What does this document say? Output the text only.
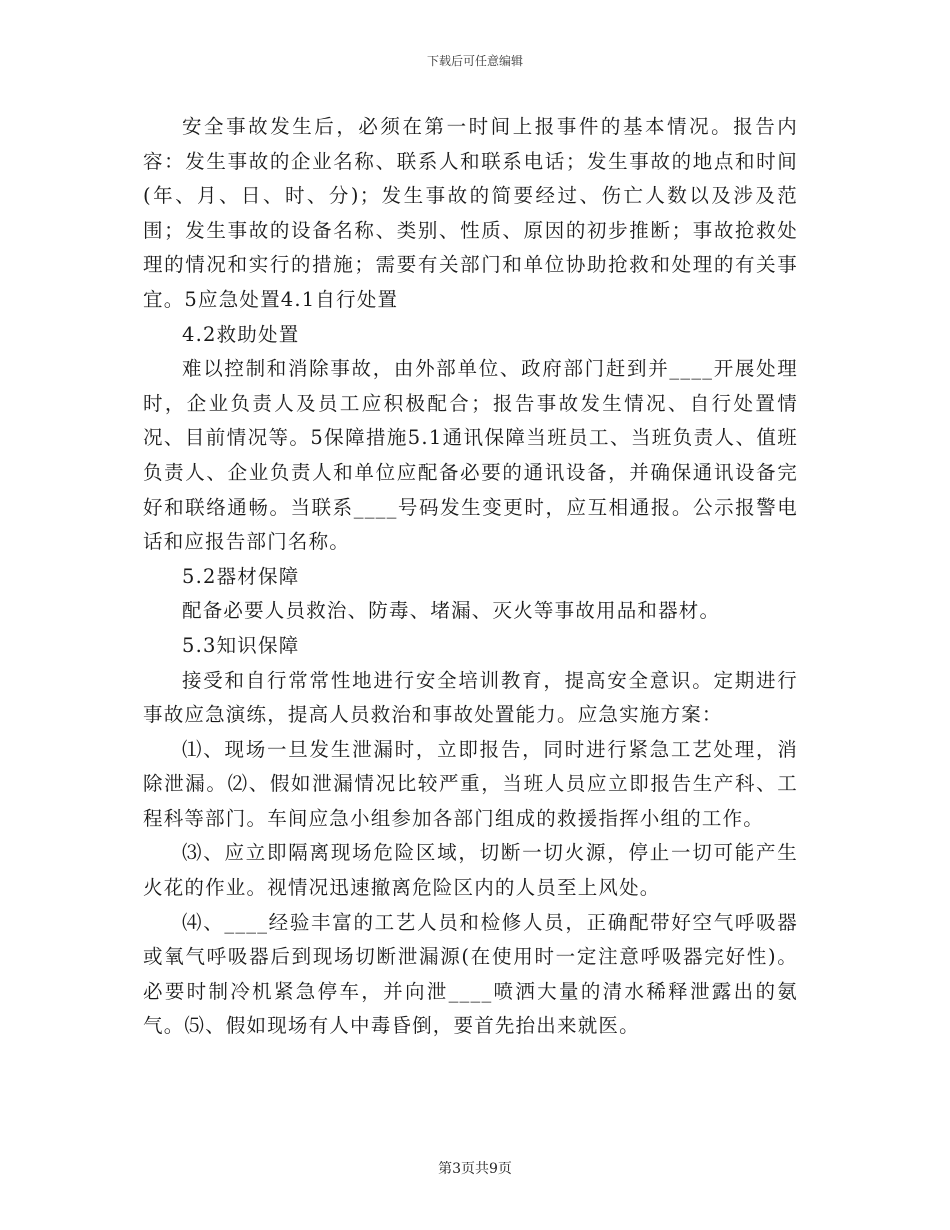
下载后可任意编辑

安全事故发生后，必须在第一时间上报事件的基本情况。报告内容：发生事故的企业名称、联系人和联系电话；发生事故的地点和时间(年、月、日、时、分)；发生事故的简要经过、伤亡人数以及涉及范围；发生事故的设备名称、类别、性质、原因的初步推断；事故抢救处理的情况和实行的措施；需要有关部门和单位协助抢救和处理的有关事宜。5应急处置4.1自行处置

4.2救助处置

难以控制和消除事故，由外部单位、政府部门赶到并____开展处理时，企业负责人及员工应积极配合；报告事故发生情况、自行处置情况、目前情况等。5保障措施5.1通讯保障当班员工、当班负责人、值班负责人、企业负责人和单位应配备必要的通讯设备，并确保通讯设备完好和联络通畅。当联系____号码发生变更时，应互相通报。公示报警电话和应报告部门名称。

5.2器材保障

配备必要人员救治、防毒、堵漏、灭火等事故用品和器材。

5.3知识保障

接受和自行常常性地进行安全培训教育，提高安全意识。定期进行事故应急演练，提高人员救治和事故处置能力。应急实施方案：

⑴、现场一旦发生泄漏时，立即报告，同时进行紧急工艺处理，消除泄漏。⑵、假如泄漏情况比较严重，当班人员应立即报告生产科、工程科等部门。车间应急小组参加各部门组成的救援指挥小组的工作。

⑶、应立即隔离现场危险区域，切断一切火源，停止一切可能产生火花的作业。视情况迅速撤离危险区内的人员至上风处。

⑷、____经验丰富的工艺人员和检修人员，正确配带好空气呼吸器或氧气呼吸器后到现场切断泄漏源(在使用时一定注意呼吸器完好性)。必要时制冷机紧急停车，并向泄____喷洒大量的清水稀释泄露出的氨气。⑸、假如现场有人中毒昏倒，要首先抬出来就医。

第3页共9页
